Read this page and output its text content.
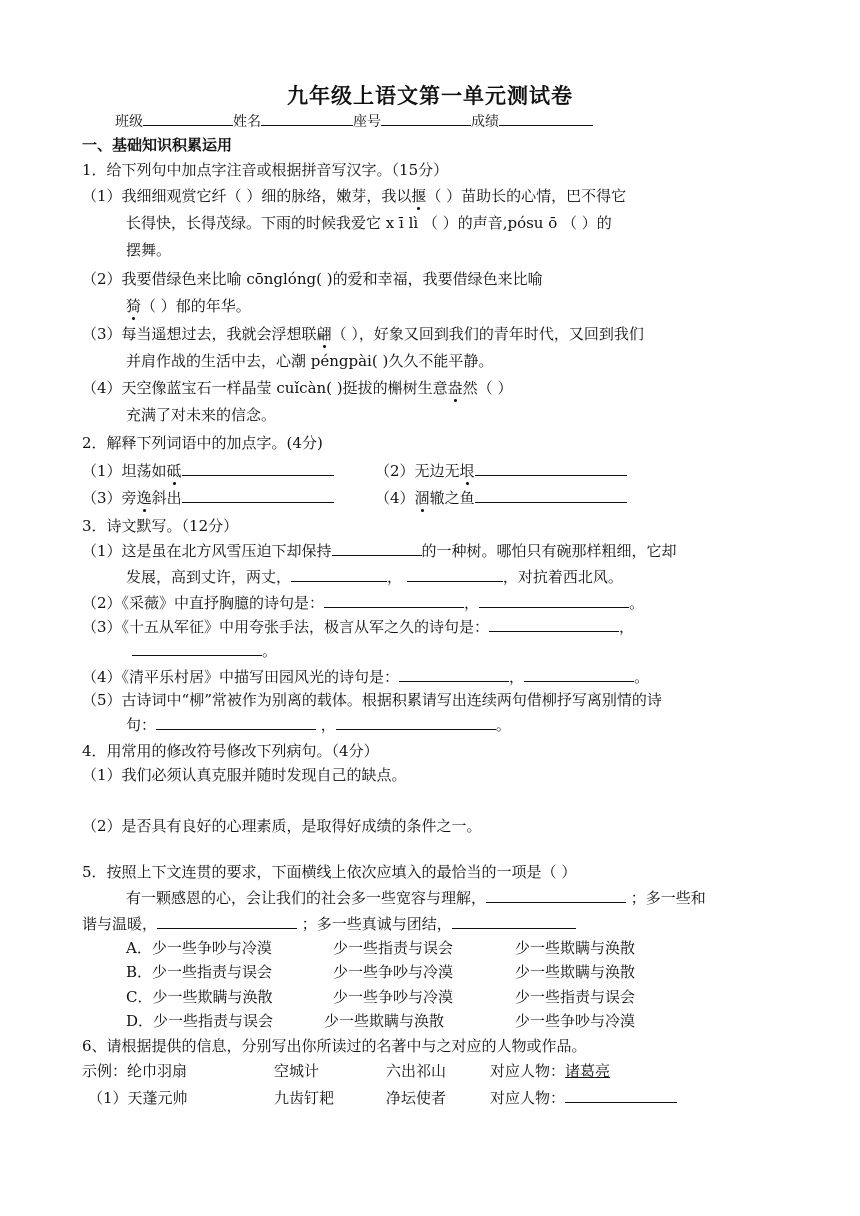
九年级上语文第一单元测试卷
班级	姓名	座号	成绩
一、基础知识积累运用
1．给下列句中加点字注音或根据拼音写汉字。（15分）
（1）我细细观赏它纤（ ）细的脉络，嫩芽，我以揠（ ）苗助长的心情，巴不得它
长得快，长得茂绿。下雨的时候我爱它 x ī lì （ ）的声音,pósu ō （ ）的
摆舞。
（2）我要借绿色来比喻 cōnglóng( )的爱和幸福，我要借绿色来比喻
猗（ ）郁的年华。
（3）每当遥想过去，我就会浮想联翩（ ），好象又回到我们的青年时代，又回到我们
并肩作战的生活中去，心潮 péngpài( )久久不能平静。
（4）天空像蓝宝石一样晶莹 cuǐcàn( )挺拔的槲树生意盎然（ ）
充满了对未来的信念。
2．解释下列词语中的加点字。(4分)
（1）坦荡如砥	（2）无边无垠
（3）旁逸斜出	（4）涸辙之鱼
3．诗文默写。（12分）
（1）这是虽在北方风雪压迫下却保持	的一种树。哪怕只有碗那样粗细，它却
发展，高到丈许，两丈，	，	，对抗着西北风。
（2）《采薇》中直抒胸臆的诗句是：	，	。
（3）《十五从军征》中用夸张手法，极言从军之久的诗句是：	，
。
（4）《清平乐村居》中描写田园风光的诗句是：	，	。
（5）古诗词中“柳”常被作为别离的载体。根据积累请写出连续两句借柳抒写离别情的诗
句：	，	。
4．用常用的修改符号修改下列病句。（4分）
（1）我们必须认真克服并随时发现自己的缺点。
（2）是否具有良好的心理素质，是取得好成绩的条件之一。
5．按照上下文连贯的要求，下面横线上依次应填入的最恰当的一项是（ ）
有一颗感恩的心，会让我们的社会多一些宽容与理解，	；多一些和
谐与温暖，	；多一些真诚与团结，
A．少一些争吵与冷漠	少一些指责与误会	少一些欺瞒与涣散
B．少一些指责与误会	少一些争吵与冷漠	少一些欺瞒与涣散
C．少一些欺瞒与涣散	少一些争吵与冷漠	少一些指责与误会
D．少一些指责与误会	少一些欺瞒与涣散	少一些争吵与冷漠
6、请根据提供的信息，分别写出你所读过的名著中与之对应的人物或作品。
示例：纶巾羽扇	空城计	六出祁山	对应人物：诸葛亮
（1）天蓬元帅	九齿钉耙	净坛使者	对应人物：
